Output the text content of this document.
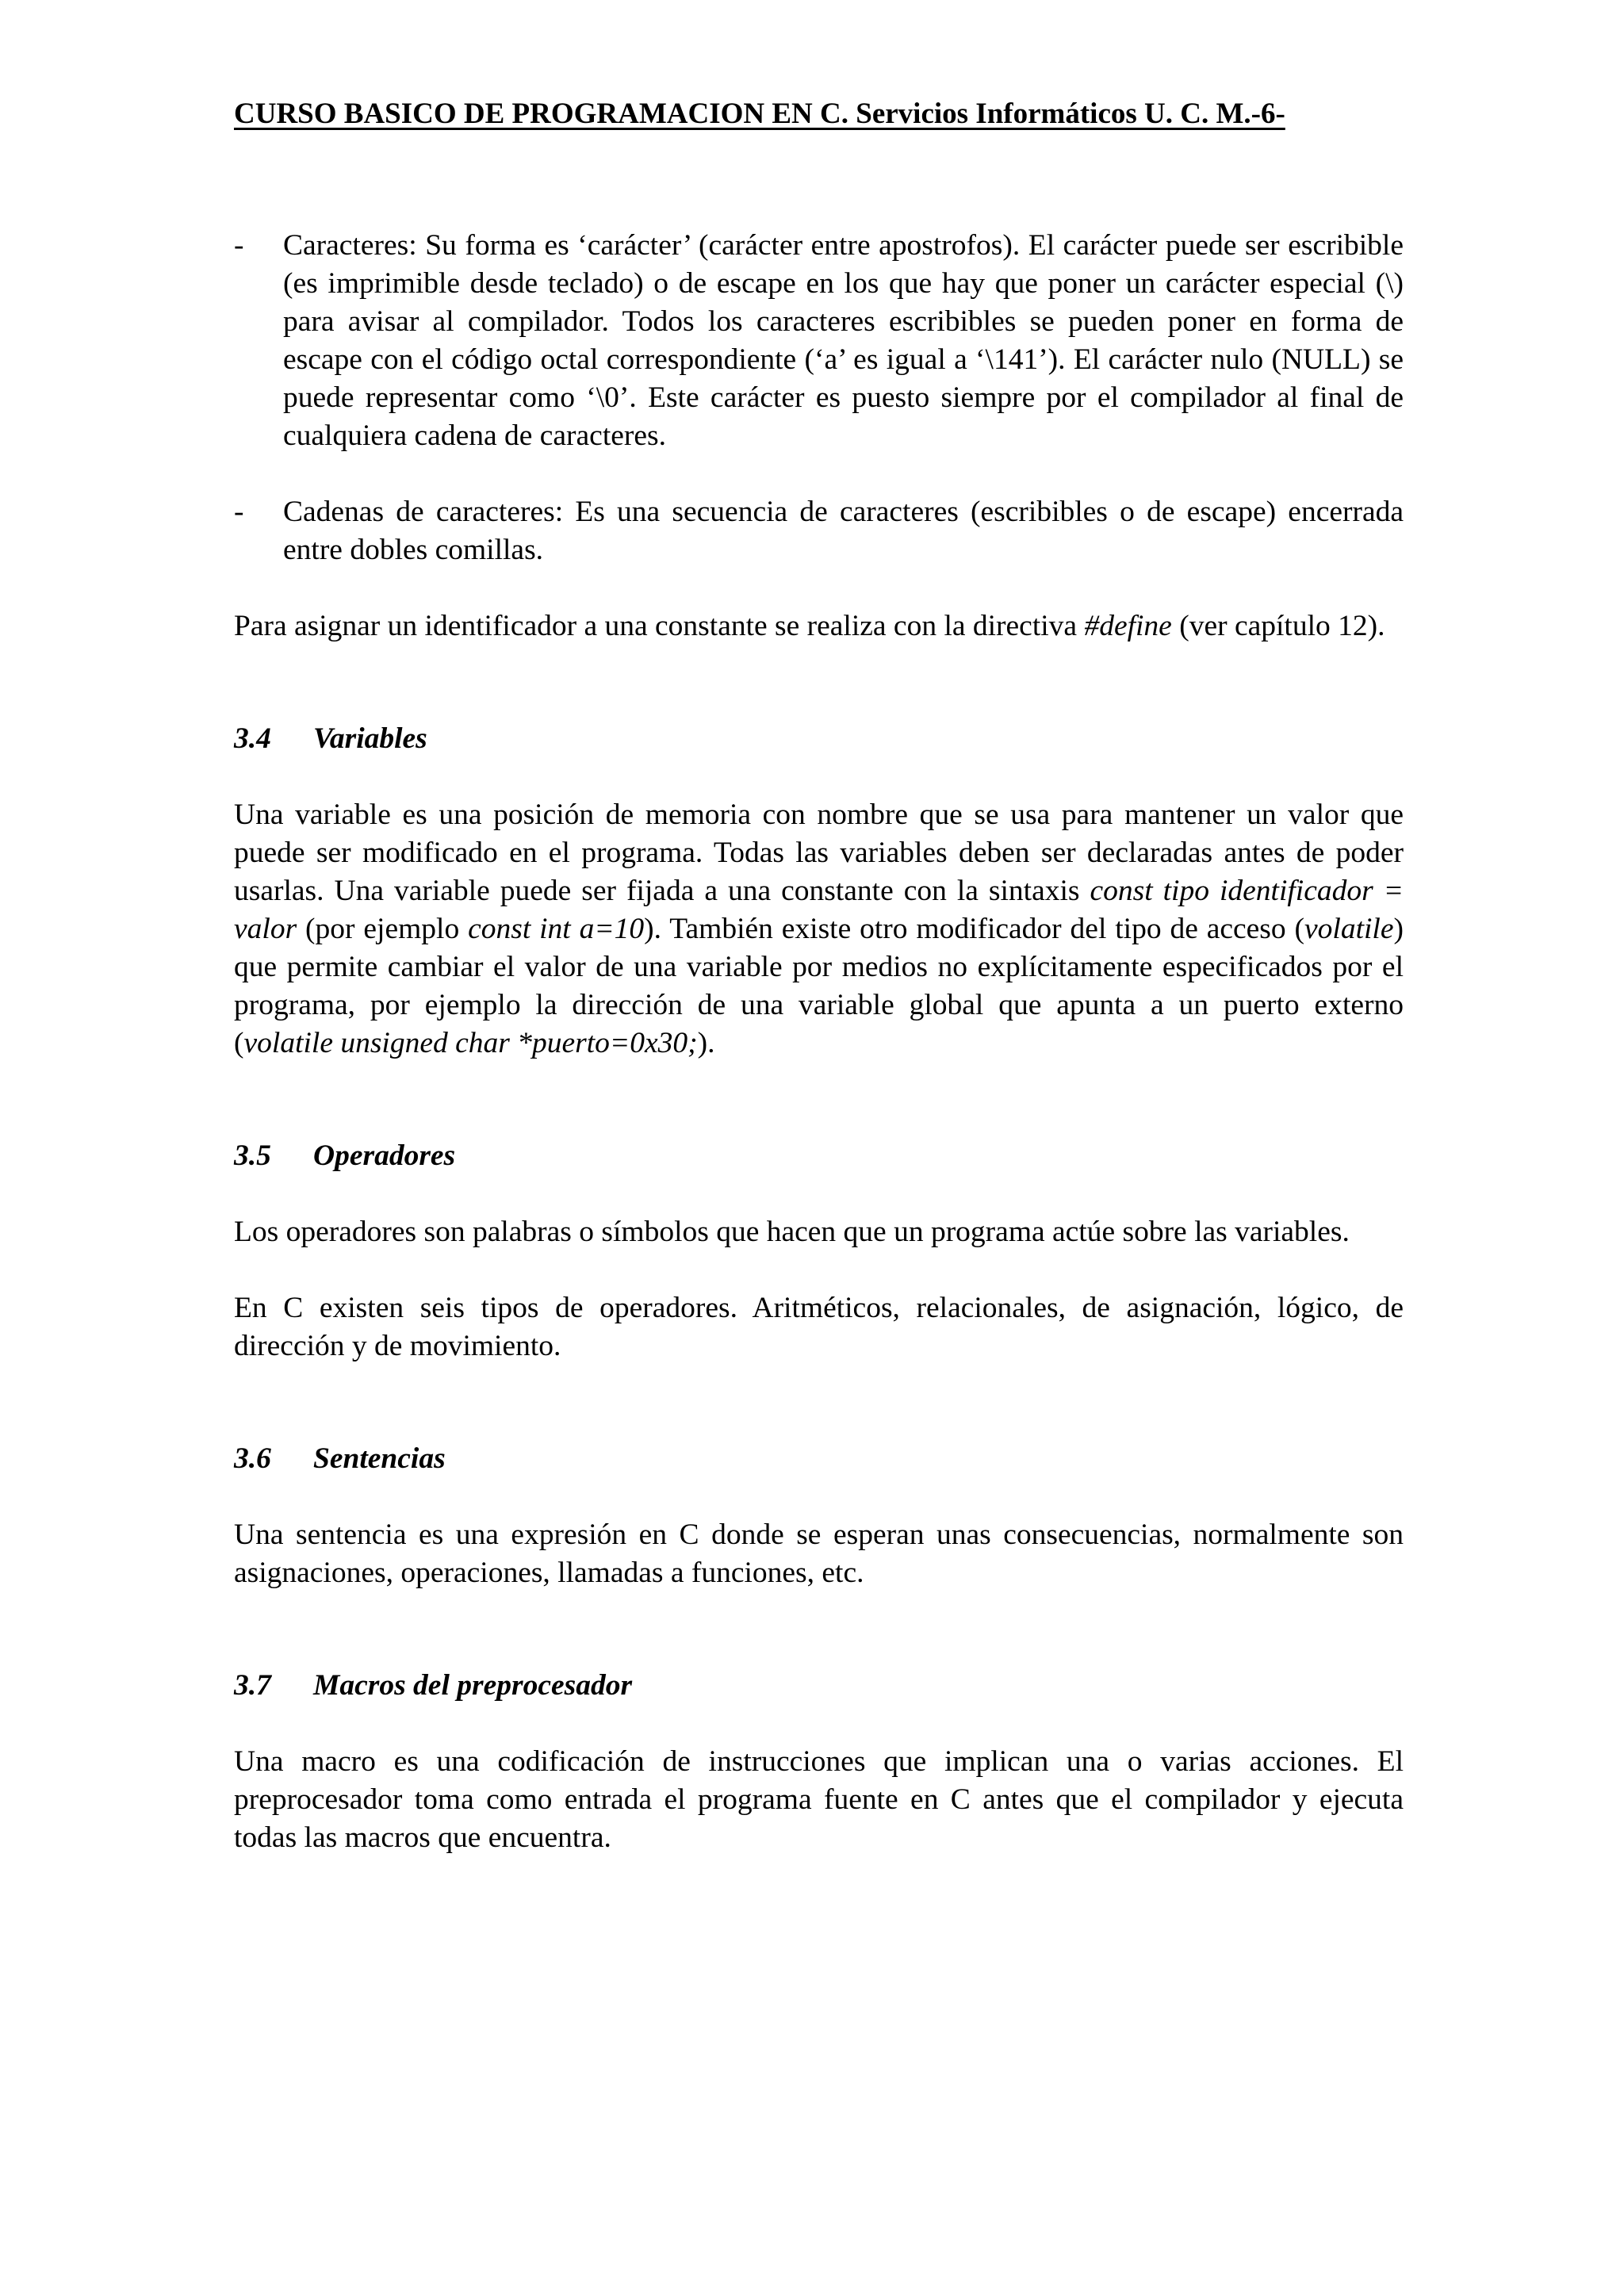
CURSO BASICO DE PROGRAMACION EN C. Servicios Informáticos U. C. M.-6-
-	Caracteres: Su forma es ‘carácter’ (carácter entre apostrofos). El carácter puede ser escribible (es imprimible desde teclado) o de escape en los que hay que poner un carácter especial (\) para avisar al compilador. Todos los caracteres escribibles se pueden poner en forma de escape con el código octal correspondiente (‘a’ es igual a ‘\141’). El carácter nulo (NULL) se puede representar como ‘\0’. Este carácter es puesto siempre por el compilador al final de cualquiera cadena de caracteres.
-	Cadenas de caracteres: Es una secuencia de caracteres (escribibles o de escape) encerrada entre dobles comillas.

Para asignar un identificador a una constante se realiza con la directiva #define (ver capítulo 12).

3.4	Variables

Una variable es una posición de memoria con nombre que se usa para mantener un valor que puede ser modificado en el programa. Todas las variables deben ser declaradas antes de poder usarlas. Una variable puede ser fijada a una constante con la sintaxis const tipo identificador = valor (por ejemplo const int a=10). También existe otro modificador del tipo de acceso (volatile) que permite cambiar el valor de una variable por medios no explícitamente especificados por el programa, por ejemplo la dirección de una variable global que apunta a un puerto externo (volatile unsigned char *puerto=0x30;).

3.5	Operadores

Los operadores son palabras o símbolos que hacen que un programa actúe sobre las variables.

En C existen seis tipos de operadores. Aritméticos, relacionales, de asignación, lógico, de dirección y de movimiento.

3.6	Sentencias

Una sentencia es una expresión en C donde se esperan unas consecuencias, normalmente son asignaciones, operaciones, llamadas a funciones, etc.

3.7	Macros del preprocesador

Una macro es una codificación de instrucciones que implican una o varias acciones. El preprocesador toma como entrada el programa fuente en C antes que el compilador y ejecuta todas las macros que encuentra.
